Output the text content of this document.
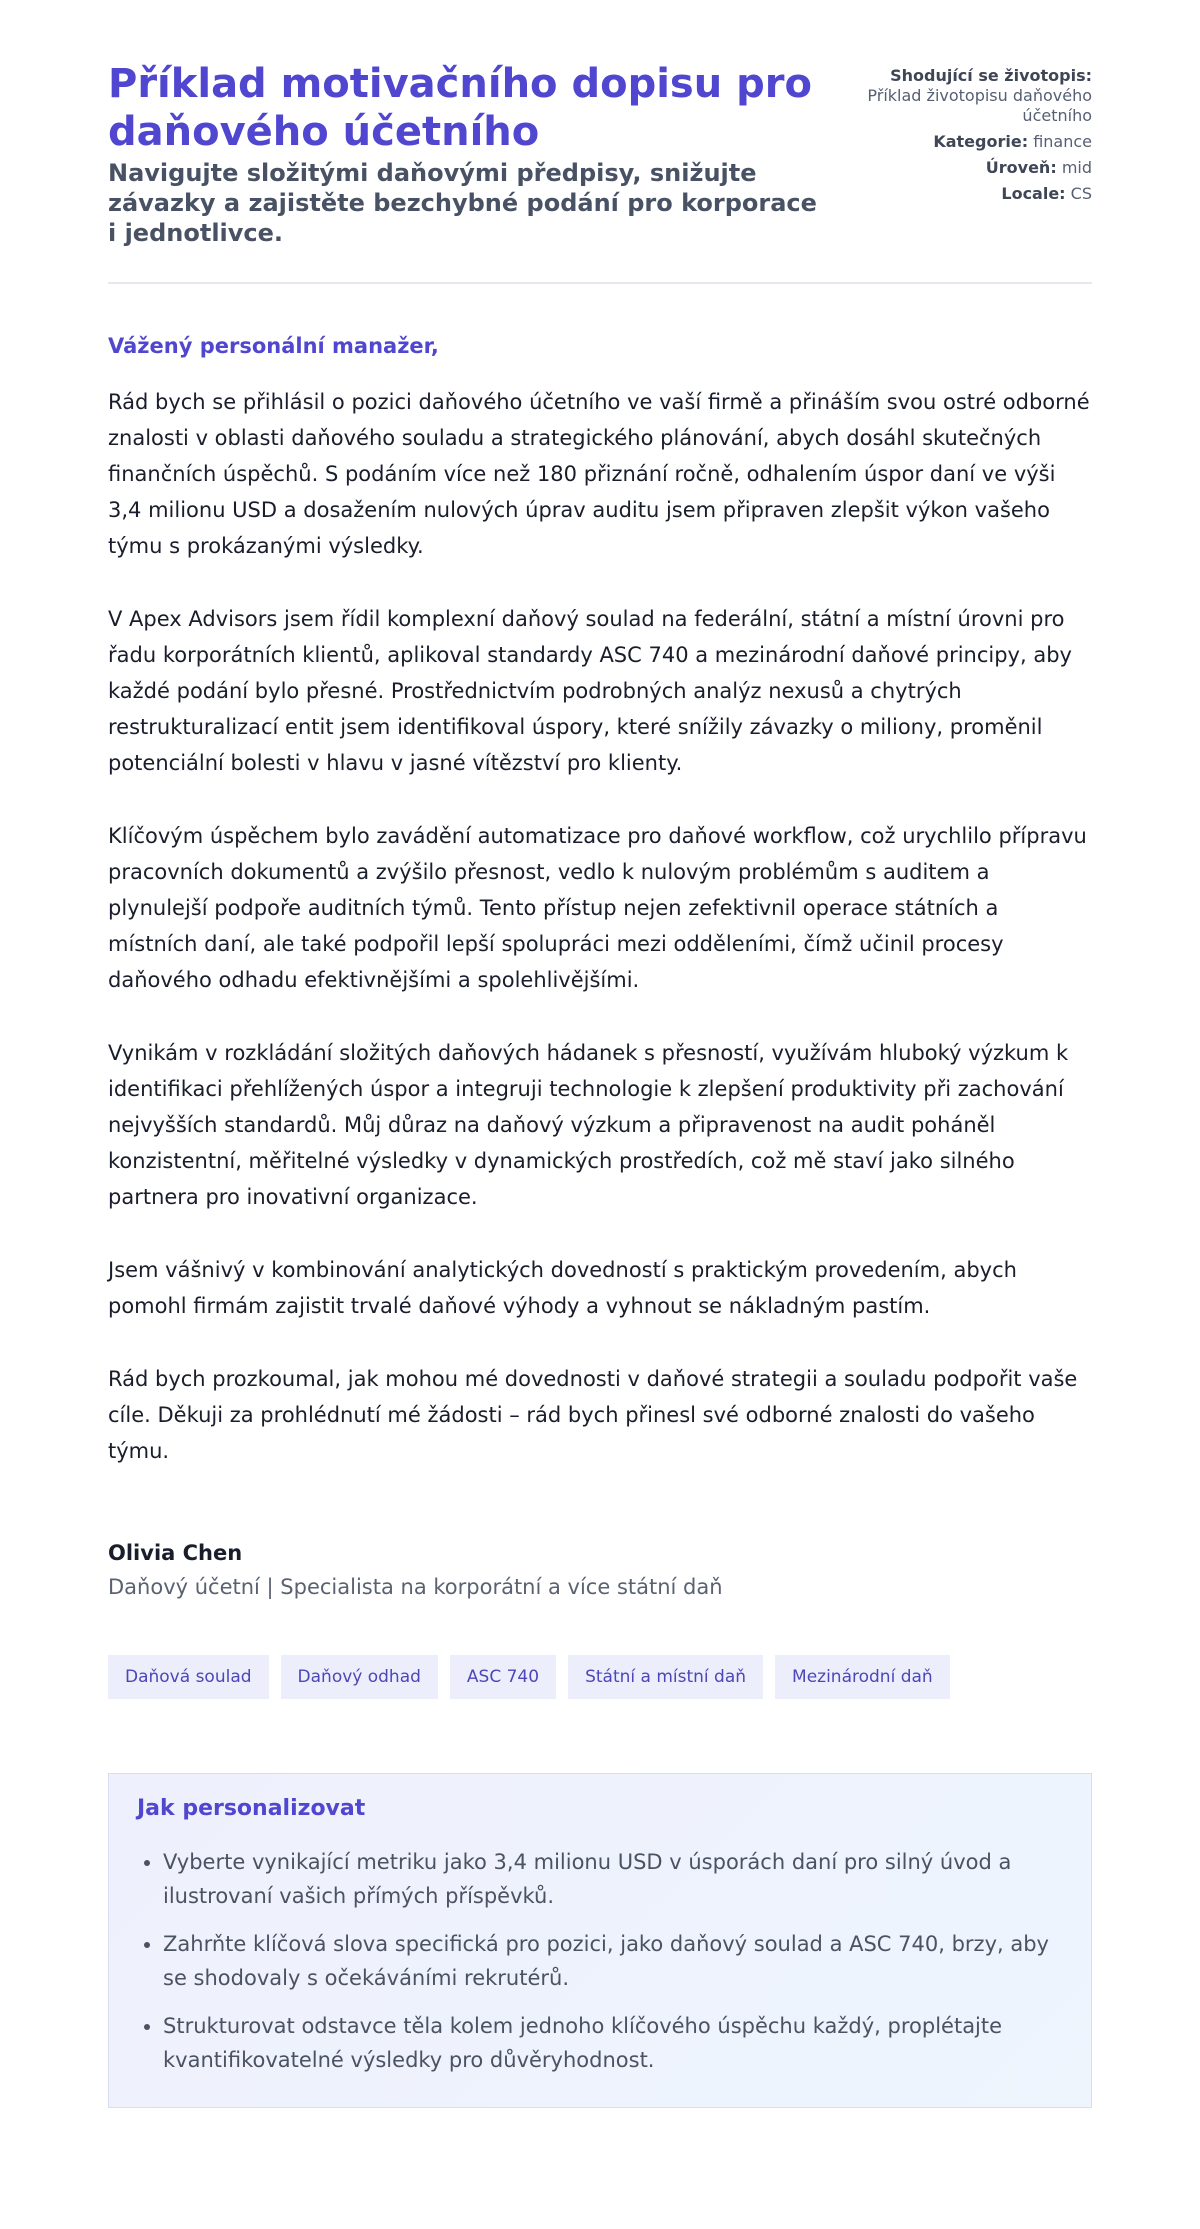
Příklad motivačního dopisu pro daňového účetního
Navigujte složitými daňovými předpisy, snižujte závazky a zajistěte bezchybné podání pro korporace i jednotlivce.
Shodující se životopis:
Příklad životopisu daňového účetního
Kategorie: finance
Úroveň: mid
Locale: CS
Vážený personální manažer,

Rád bych se přihlásil o pozici daňového účetního ve vaší firmě a přináším svou ostré odborné znalosti v oblasti daňového souladu a strategického plánování, abych dosáhl skutečných finančních úspěchů. S podáním více než 180 přiznání ročně, odhalením úspor daní ve výši 3,4 milionu USD a dosažením nulových úprav auditu jsem připraven zlepšit výkon vašeho týmu s prokázanými výsledky.

V Apex Advisors jsem řídil komplexní daňový soulad na federální, státní a místní úrovni pro řadu korporátních klientů, aplikoval standardy ASC 740 a mezinárodní daňové principy, aby každé podání bylo přesné. Prostřednictvím podrobných analýz nexusů a chytrých restrukturalizací entit jsem identifikoval úspory, které snížily závazky o miliony, proměnil potenciální bolesti v hlavu v jasné vítězství pro klienty.

Klíčovým úspěchem bylo zavádění automatizace pro daňové workflow, což urychlilo přípravu pracovních dokumentů a zvýšilo přesnost, vedlo k nulovým problémům s auditem a plynulejší podpoře auditních týmů. Tento přístup nejen zefektivnil operace státních a místních daní, ale také podpořil lepší spolupráci mezi odděleními, čímž učinil procesy daňového odhadu efektivnějšími a spolehlivějšími.

Vynikám v rozkládání složitých daňových hádanek s přesností, využívám hluboký výzkum k identifikaci přehlížených úspor a integruji technologie k zlepšení produktivity při zachování nejvyšších standardů. Můj důraz na daňový výzkum a připravenost na audit poháněl konzistentní, měřitelné výsledky v dynamických prostředích, což mě staví jako silného partnera pro inovativní organizace.

Jsem vášnivý v kombinování analytických dovedností s praktickým provedením, abych pomohl firmám zajistit trvalé daňové výhody a vyhnout se nákladným pastím.

Rád bych prozkoumal, jak mohou mé dovednosti v daňové strategii a souladu podpořit vaše cíle. Děkuji za prohlédnutí mé žádosti – rád bych přinesl své odborné znalosti do vašeho týmu.

Olivia Chen
Daňový účetní | Specialista na korporátní a více státní daň
Daňová soulad	Daňový odhad	ASC 740	Státní a místní daň	Mezinárodní daň
Jak personalizovat
• Vyberte vynikající metriku jako 3,4 milionu USD v úsporách daní pro silný úvod a ilustrovaní vašich přímých příspěvků.
• Zahrňte klíčová slova specifická pro pozici, jako daňový soulad a ASC 740, brzy, aby se shodovaly s očekáváními rekrutérů.
• Strukturovat odstavce těla kolem jednoho klíčového úspěchu každý, proplétajte kvantifikovatelné výsledky pro důvěryhodnost.
